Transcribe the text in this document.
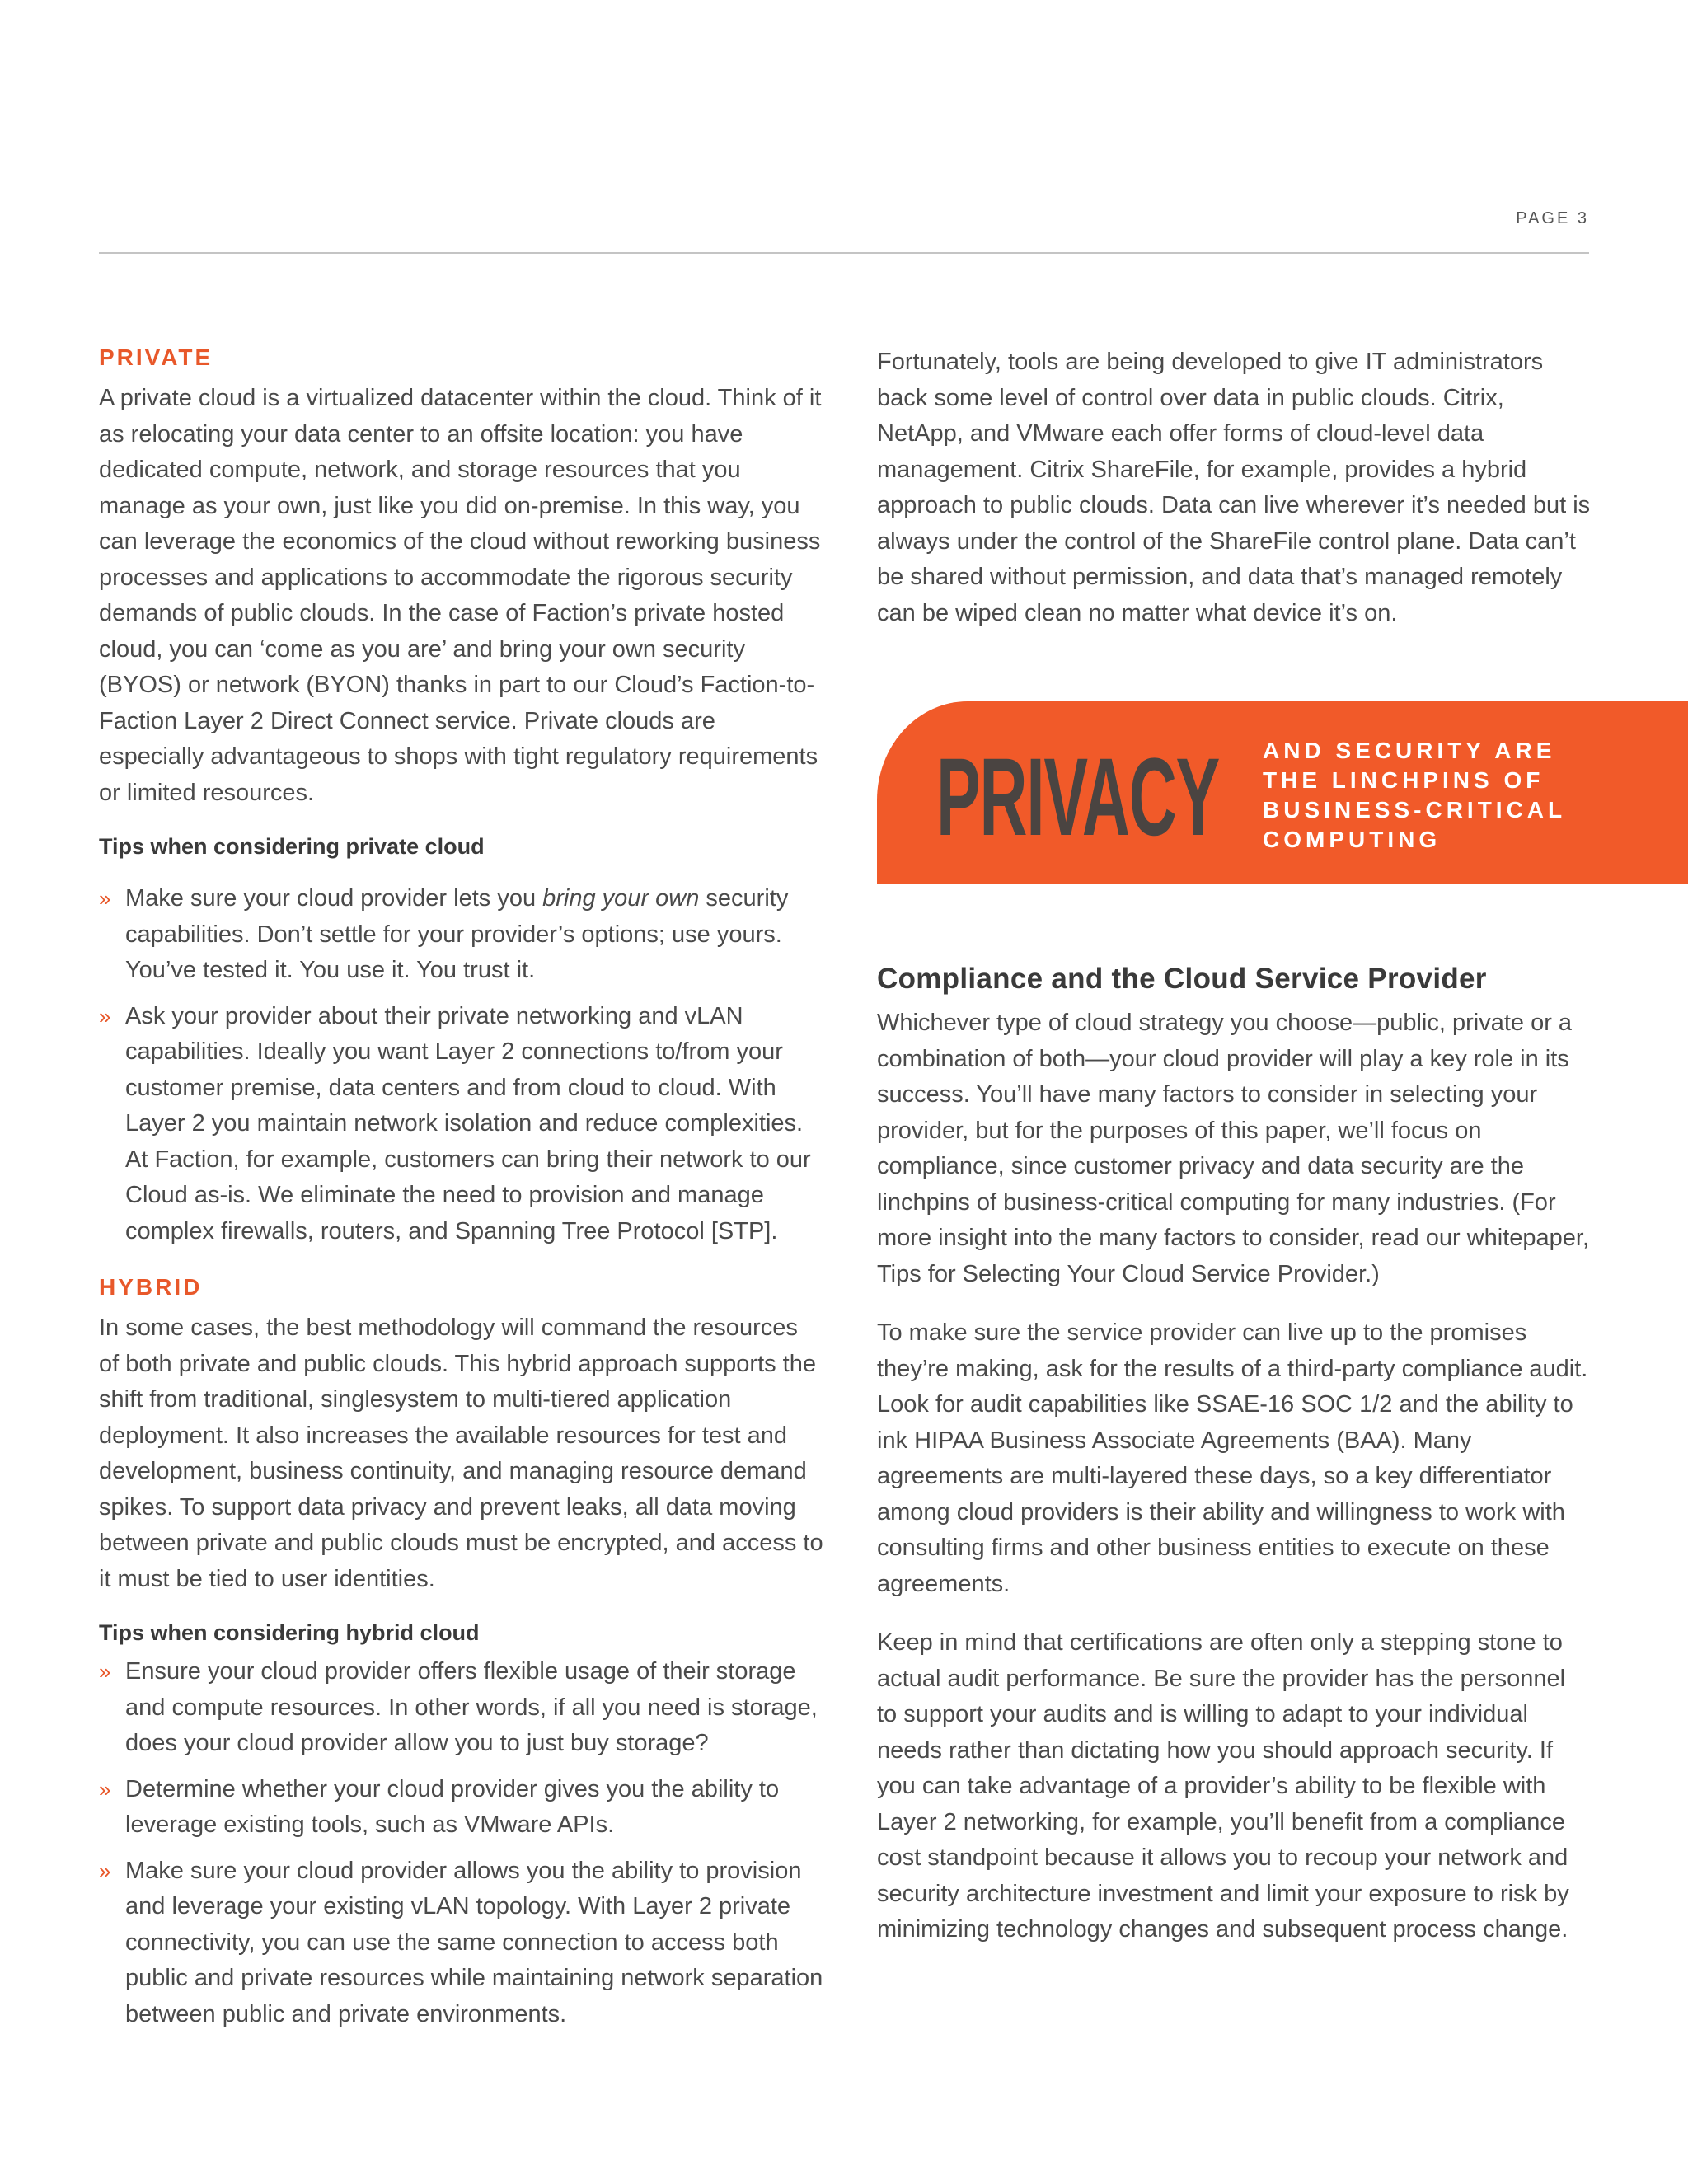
PAGE 3
PRIVATE

A private cloud is a virtualized datacenter within the cloud. Think of it as relocating your data center to an offsite location: you have dedicated compute, network, and storage resources that you manage as your own, just like you did on-premise. In this way, you can leverage the economics of the cloud without reworking business processes and applications to accommodate the rigorous security demands of public clouds. In the case of Faction’s private hosted cloud, you can ‘come as you are’ and bring your own security (BYOS) or network (BYON) thanks in part to our Cloud’s Faction-to-Faction Layer 2 Direct Connect service. Private clouds are especially advantageous to shops with tight regulatory requirements or limited resources.

Tips when considering private cloud
» Make sure your cloud provider lets you bring your own security capabilities. Don’t settle for your provider’s options; use yours. You’ve tested it. You use it. You trust it.
» Ask your provider about their private networking and vLAN capabilities. Ideally you want Layer 2 connections to/from your customer premise, data centers and from cloud to cloud. With Layer 2 you maintain network isolation and reduce complexities. At Faction, for example, customers can bring their network to our Cloud as-is. We eliminate the need to provision and manage complex firewalls, routers, and Spanning Tree Protocol [STP].
HYBRID

In some cases, the best methodology will command the resources of both private and public clouds. This hybrid approach supports the shift from traditional, singlesystem to multi-tiered application deployment. It also increases the available resources for test and development, business continuity, and managing resource demand spikes. To support data privacy and prevent leaks, all data moving between private and public clouds must be encrypted, and access to it must be tied to user identities.

Tips when considering hybrid cloud
» Ensure your cloud provider offers flexible usage of their storage and compute resources. In other words, if all you need is storage, does your cloud provider allow you to just buy storage?
» Determine whether your cloud provider gives you the ability to leverage existing tools, such as VMware APIs.
» Make sure your cloud provider allows you the ability to provision and leverage your existing vLAN topology. With Layer 2 private connectivity, you can use the same connection to access both public and private resources while maintaining network separation between public and private environments.

Fortunately, tools are being developed to give IT administrators back some level of control over data in public clouds. Citrix, NetApp, and VMware each offer forms of cloud-level data management. Citrix ShareFile, for example, provides a hybrid approach to public clouds. Data can live wherever it’s needed but is always under the control of the ShareFile control plane. Data can’t be shared without permission, and data that’s managed remotely can be wiped clean no matter what device it’s on.

PRIVACY AND SECURITY ARE
THE LINCHPINS OF
BUSINESS-CRITICAL
COMPUTING
Compliance and the Cloud Service Provider

Whichever type of cloud strategy you choose—public, private or a combination of both—your cloud provider will play a key role in its success. You’ll have many factors to consider in selecting your provider, but for the purposes of this paper, we’ll focus on compliance, since customer privacy and data security are the linchpins of business-critical computing for many industries. (For more insight into the many factors to consider, read our whitepaper, Tips for Selecting Your Cloud Service Provider.)

To make sure the service provider can live up to the promises they’re making, ask for the results of a third-party compliance audit. Look for audit capabilities like SSAE-16 SOC 1/2 and the ability to ink HIPAA Business Associate Agreements (BAA). Many agreements are multi-layered these days, so a key differentiator among cloud providers is their ability and willingness to work with consulting firms and other business entities to execute on these agreements.

Keep in mind that certifications are often only a stepping stone to actual audit performance. Be sure the provider has the personnel to support your audits and is willing to adapt to your individual needs rather than dictating how you should approach security. If you can take advantage of a provider’s ability to be flexible with Layer 2 networking, for example, you’ll benefit from a compliance cost standpoint because it allows you to recoup your network and security architecture investment and limit your exposure to risk by minimizing technology changes and subsequent process change.
